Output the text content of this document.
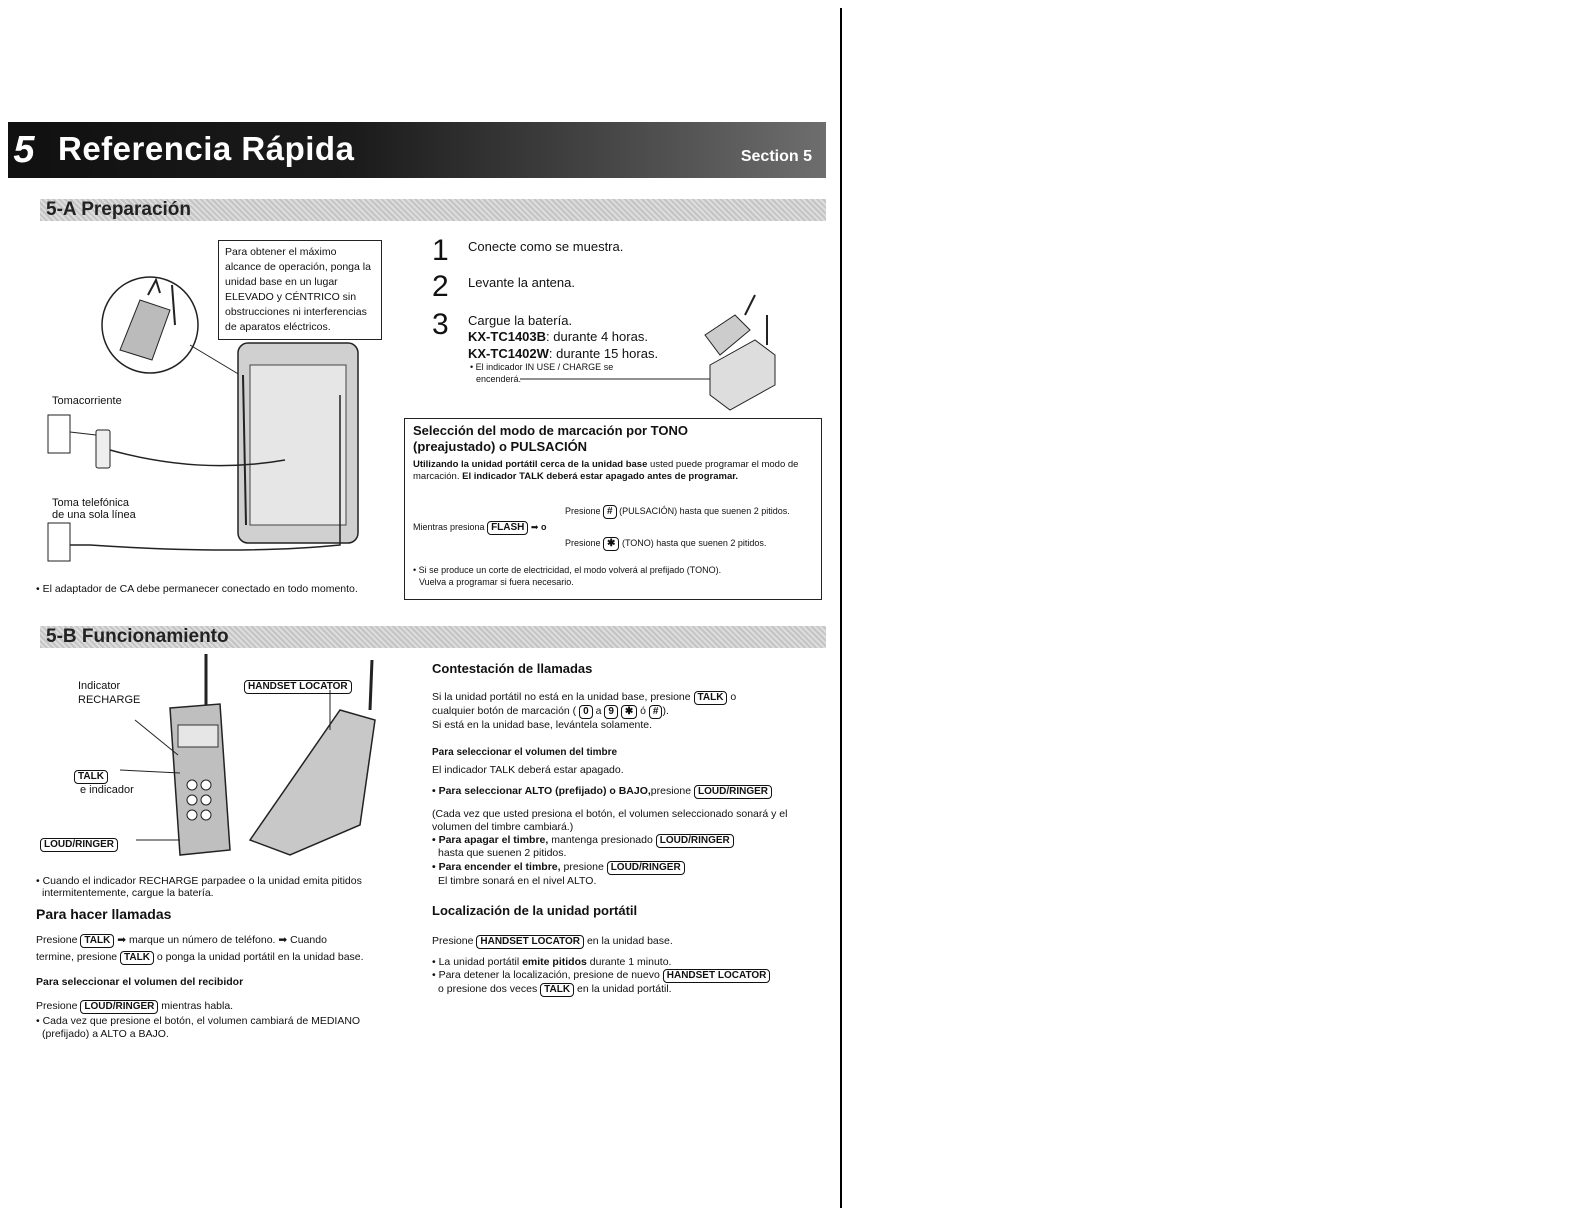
5 Referencia Rápida	Section 5
5-A Preparación
Para obtener el máximo alcance de operación, ponga la unidad base en un lugar ELEVADO y CÉNTRICO sin obstrucciones ni interferencias de aparatos eléctricos.
Tomacorriente
Toma telefónica
de una sola línea
• El adaptador de CA debe permanecer conectado en todo momento.
1 Conecte como se muestra.
2 Levante la antena.
3 Cargue la batería.
KX-TC1403B: durante 4 horas.
KX-TC1402W: durante 15 horas.
• El indicador IN USE / CHARGE se
encenderá.
Selección del modo de marcación por TONO
(preajustado) o PULSACIÓN
Utilizando la unidad portátil cerca de la unidad base usted puede programar el modo de marcación. El indicador TALK deberá estar apagado antes de programar.
Presione # (PULSACIÓN) hasta que suenen 2 pitidos.
Mientras presiona FLASH ➡ o
Presione ✱ (TONO) hasta que suenen 2 pitidos.
• Si se produce un corte de electricidad, el modo volverá al prefijado (TONO).
Vuelva a programar si fuera necesario.
5-B Funcionamiento
Indicator
RECHARGE
TALK
e indicador
LOUD/RINGER
HANDSET LOCATOR
• Cuando el indicador RECHARGE parpadee o la unidad emita pitidos
intermitentemente, cargue la batería.
Para hacer llamadas
Presione TALK ➡ marque un número de teléfono. ➡ Cuando
termine, presione TALK o ponga la unidad portátil en la unidad base.
Para seleccionar el volumen del recibidor
Presione LOUD/RINGER mientras habla.
• Cada vez que presione el botón, el volumen cambiará de MEDIANO
(prefijado) a ALTO a BAJO.
Contestación de llamadas
Si la unidad portátil no está en la unidad base, presione TALK o
cualquier botón de marcación ( 0 a 9 ✱ ó # ).
Si está en la unidad base, levántela solamente.
Para seleccionar el volumen del timbre
El indicador TALK deberá estar apagado.
• Para seleccionar ALTO (prefijado) o BAJO,presione LOUD/RINGER
(Cada vez que usted presiona el botón, el volumen seleccionado sonará y el
volumen del timbre cambiará.)
• Para apagar el timbre, mantenga presionado LOUD/RINGER
hasta que suenen 2 pitidos.
• Para encender el timbre, presione LOUD/RINGER
El timbre sonará en el nivel ALTO.
Localización de la unidad portátil
Presione HANDSET LOCATOR en la unidad base.
• La unidad portátil emite pitidos durante 1 minuto.
• Para detener la localización, presione de nuevo HANDSET LOCATOR
o presione dos veces TALK en la unidad portátil.
